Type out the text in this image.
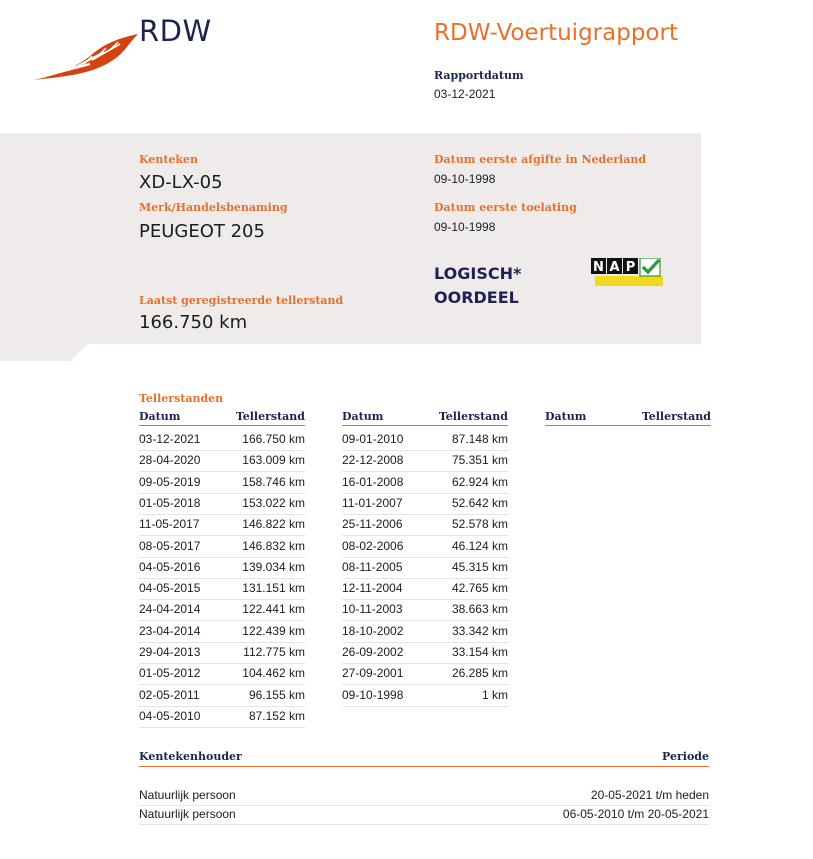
RDW	RDW-Voertuigrapport
Rapportdatum
03-12-2021
Kenteken
XD-LX-05
Merk/Handelsbenaming
PEUGEOT 205
Datum eerste afgifte in Nederland
09-10-1998
Datum eerste toelating
09-10-1998
LOGISCH*
OORDEEL
N A P
Laatst geregistreerde tellerstand
166.750 km
Tellerstanden
Datum	Tellerstand	Datum	Tellerstand	Datum	Tellerstand
03-12-2021	166.750 km
28-04-2020	163.009 km
09-05-2019	158.746 km
01-05-2018	153.022 km
11-05-2017	146.822 km
08-05-2017	146.832 km
04-05-2016	139.034 km
04-05-2015	131.151 km
24-04-2014	122.441 km
23-04-2014	122.439 km
29-04-2013	112.775 km
01-05-2012	104.462 km
02-05-2011	96.155 km
04-05-2010	87.152 km
09-01-2010	87.148 km
22-12-2008	75.351 km
16-01-2008	62.924 km
11-01-2007	52.642 km
25-11-2006	52.578 km
08-02-2006	46.124 km
08-11-2005	45.315 km
12-11-2004	42.765 km
10-11-2003	38.663 km
18-10-2002	33.342 km
26-09-2002	33.154 km
27-09-2001	26.285 km
09-10-1998	1 km
Kentekenhouder	Periode
Natuurlijk persoon	20-05-2021 t/m heden
Natuurlijk persoon	06-05-2010 t/m 20-05-2021
